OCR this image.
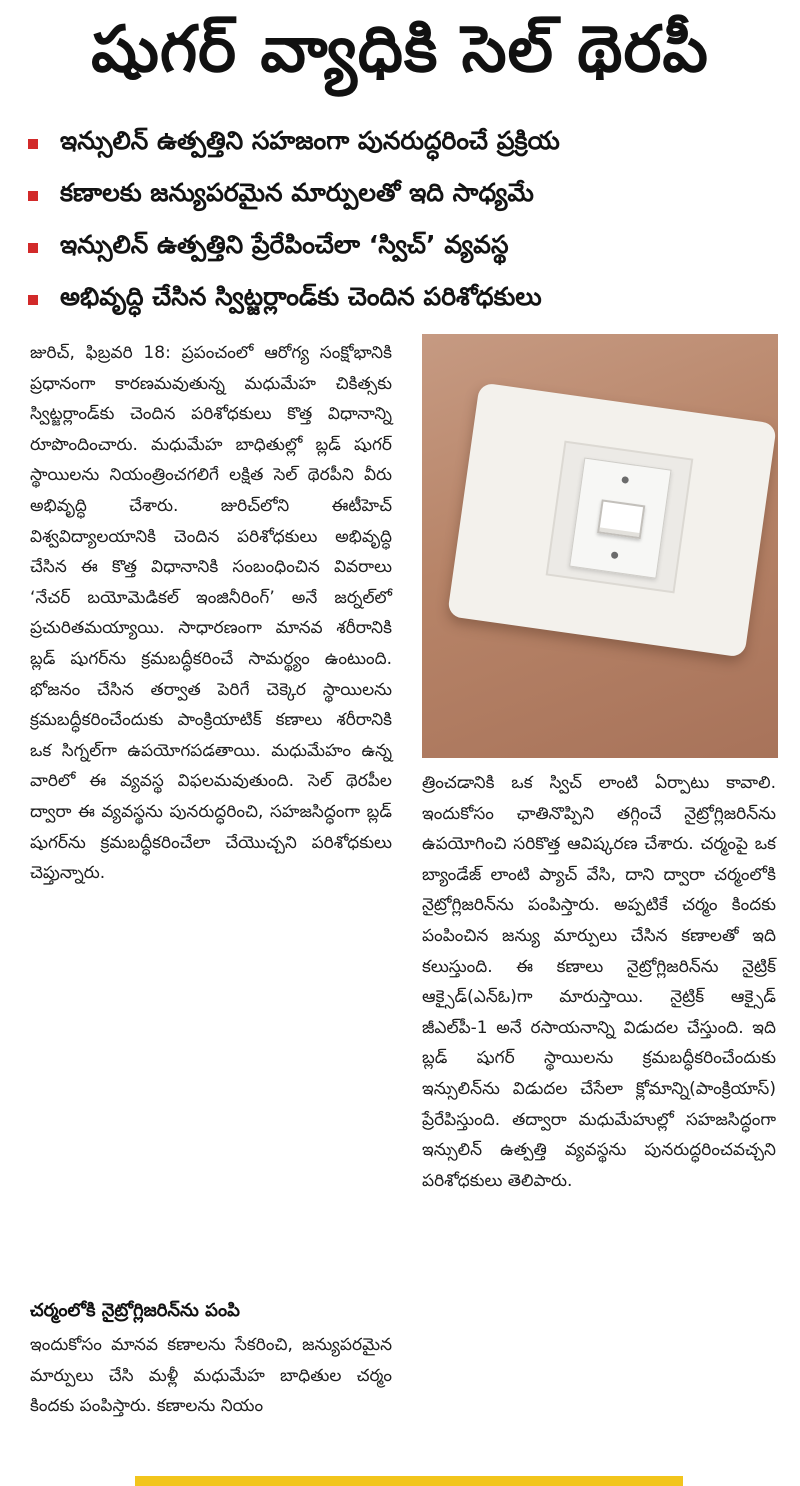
షుగర్ వ్యాధికి సెల్ థెరపీ
ఇన్సులిన్ ఉత్పత్తిని సహజంగా పునరుద్ధరించే ప్రక్రియ
కణాలకు జన్యుపరమైన మార్పులతో ఇది సాధ్యమే
ఇన్సులిన్ ఉత్పత్తిని ప్రేరేపించేలా ‘స్విచ్’ వ్యవస్థ
అభివృద్ధి చేసిన స్విట్జర్లాండ్‌కు చెందిన పరిశోధకులు

జురిచ్, ఫిబ్రవరి 18: ప్రపంచంలో ఆరోగ్య సంక్షోభానికి ప్రధానంగా కారణమవుతున్న మధుమేహ చికిత్సకు స్విట్జర్లాండ్‌కు చెందిన పరిశోధకులు కొత్త విధానాన్ని రూపొందించారు. మధుమేహ బాధితుల్లో బ్లడ్ షుగర్ స్థాయిలను నియంత్రించగలిగే లక్షిత సెల్ థెరపీని వీరు అభివృద్ధి చేశారు. జురిచ్‌లోని ఈటీహెచ్ విశ్వవిద్యాలయానికి చెందిన పరిశోధకులు అభివృద్ధి చేసిన ఈ కొత్త విధానానికి సంబంధించిన వివరాలు ‘నేచర్ బయోమెడికల్ ఇంజినీరింగ్’ అనే జర్నల్‌లో ప్రచురితమయ్యాయి. సాధారణంగా మానవ శరీరానికి బ్లడ్ షుగర్‌ను క్రమబద్ధీకరించే సామర్థ్యం ఉంటుంది. భోజనం చేసిన తర్వాత పెరిగే చెక్కెర స్థాయిలను క్రమబద్ధీకరించేందుకు పాంక్రియాటిక్ కణాలు శరీరానికి ఒక సిగ్నల్‌గా ఉపయోగపడతాయి. మధుమేహం ఉన్న వారిలో ఈ వ్యవస్థ విఫలమవుతుంది. సెల్ థెరపీల ద్వారా ఈ వ్యవస్థను పునరుద్ధరించి, సహజసిద్ధంగా బ్లడ్ షుగర్‌ను క్రమబద్ధీకరించేలా చేయొచ్చని పరిశోధకులు చెప్తున్నారు.

చర్మంలోకి నైట్రోగ్లిజరిన్‌ను పంపి

ఇందుకోసం మానవ కణాలను సేకరించి, జన్యుపరమైన మార్పులు చేసి మళ్లీ మధుమేహ బాధితుల చర్మం కిందకు పంపిస్తారు. కణాలను నియం

త్రించడానికి ఒక స్విచ్ లాంటి ఏర్పాటు కావాలి. ఇందుకోసం ఛాతినొప్పిని తగ్గించే నైట్రోగ్లిజరిన్‌ను ఉపయోగించి సరికొత్త ఆవిష్కరణ చేశారు. చర్మంపై ఒక బ్యాండేజ్ లాంటి ప్యాచ్ వేసి, దాని ద్వారా చర్మంలోకి నైట్రోగ్లిజరిన్‌ను పంపిస్తారు. అప్పటికే చర్మం కిందకు పంపించిన జన్యు మార్పులు చేసిన కణాలతో ఇది కలుస్తుంది. ఈ కణాలు నైట్రోగ్లిజరిన్‌ను నైట్రిక్ ఆక్సైడ్(ఎన్ఓ)గా మారుస్తాయి. నైట్రిక్ ఆక్సైడ్ జీఎల్‌పీ-1 అనే రసాయనాన్ని విడుదల చేస్తుంది. ఇది బ్లడ్ షుగర్ స్థాయిలను క్రమబద్ధీకరించేందుకు ఇన్సులిన్‌ను విడుదల చేసేలా క్లోమాన్ని(పాంక్రియాస్) ప్రేరేపిస్తుంది. తద్వారా మధుమేహుల్లో సహజసిద్ధంగా ఇన్సులిన్ ఉత్పత్తి వ్యవస్థను పునరుద్ధరించవచ్చని పరిశోధకులు తెలిపారు.
